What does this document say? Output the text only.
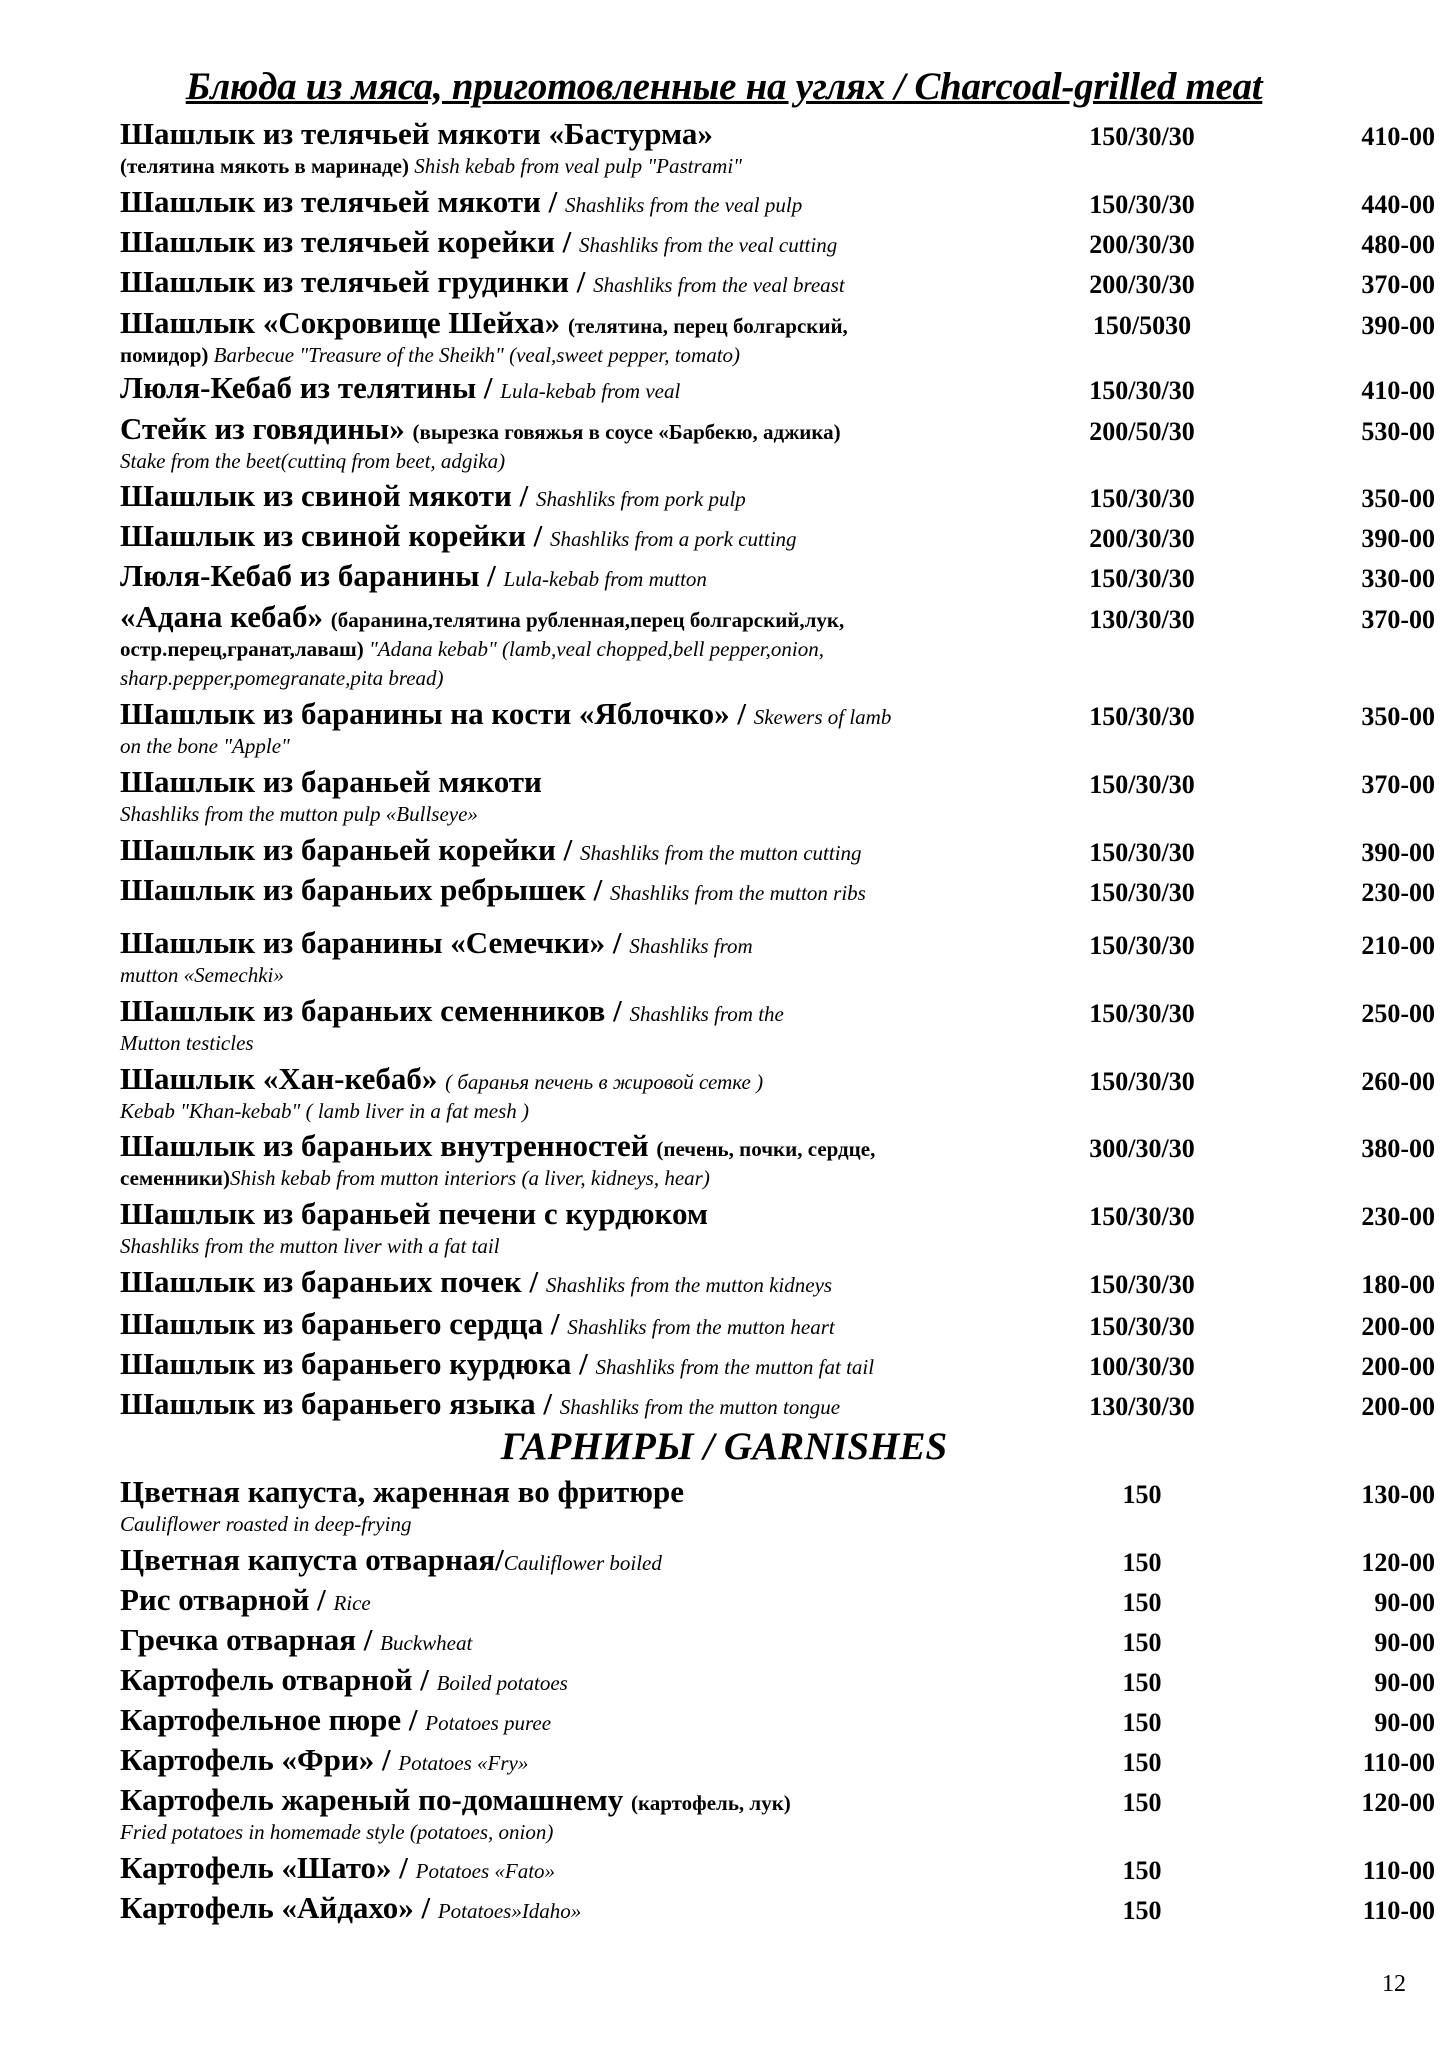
Блюда из мяса, приготовленные на углях / Charcoal-grilled meat
Шашлык из телячьей мякоти «Бастурма»
(телятина мякоть в маринаде) Shish kebab from veal pulp "Pastrami"
150/30/30	410-00
Шашлык из телячьей мякоти / Shashliks from the veal pulp	150/30/30	440-00
Шашлык из телячьей корейки / Shashliks from the veal cutting	200/30/30	480-00
Шашлык из телячьей грудинки / Shashliks from the veal breast	200/30/30	370-00
Шашлык «Сокровище Шейха» (телятина, перец болгарский,
помидор) Barbecue "Treasure of the Sheikh" (veal,sweet pepper, tomato)
150/5030	390-00
Люля-Кебаб из телятины / Lula-kebab from veal	150/30/30	410-00
Стейк из говядины» (вырезка говяжья в соусе «Барбекю, аджика)
Stake from the beet(cuttinq from beet, adgika)
200/50/30	530-00
Шашлык из свиной мякоти / Shashliks from pork pulp	150/30/30	350-00
Шашлык из свиной корейки / Shashliks from a pork cutting	200/30/30	390-00
Люля-Кебаб из баранины / Lula-kebab from mutton	150/30/30	330-00
«Адана кебаб» (баранина,телятина рубленная,перец болгарский,лук,
остр.перец,гранат,лаваш) "Adana kebab" (lamb,veal chopped,bell pepper,onion,
sharp.pepper,pomegranate,pita bread)
130/30/30	370-00
Шашлык из баранины на кости «Яблочко» / Skewers of lamb
on the bone "Apple"
150/30/30	350-00
Шашлык из бараньей мякоти
Shashliks from the mutton pulp «Bullseye»
150/30/30	370-00
Шашлык из бараньей корейки / Shashliks from the mutton cutting	150/30/30	390-00
Шашлык из бараньих ребрышек / Shashliks from the mutton ribs	150/30/30	230-00
Шашлык из баранины «Семечки» / Shashliks from
mutton «Semechki»
150/30/30	210-00
Шашлык из бараньих семенников / Shashliks from the
Mutton testicles
150/30/30	250-00
Шашлык «Хан-кебаб» ( баранья печень в жировой сетке )
Kebab "Khan-kebab" ( lamb liver in a fat mesh )
150/30/30	260-00
Шашлык из бараньих внутренностей (печень, почки, сердце,
семенники)Shish kebab from mutton interiors (a liver, kidneys, hear)
300/30/30	380-00
Шашлык из бараньей печени с курдюком
Shashliks from the mutton liver with a fat tail
150/30/30	230-00
Шашлык из бараньих почек / Shashliks from the mutton kidneys	150/30/30	180-00
Шашлык из бараньего сердца / Shashliks from the mutton heart	150/30/30	200-00
Шашлык из бараньего курдюка / Shashliks from the mutton fat tail	100/30/30	200-00
Шашлык из бараньего языка / Shashliks from the mutton tongue	130/30/30	200-00
ГАРНИРЫ / GARNISHES
Цветная капуста, жаренная во фритюре
Cauliflower roasted in deep-frying
150	130-00
Цветная капуста отварная/Cauliflower boiled	150	120-00
Рис отварной / Rice	150	90-00
Гречка отварная / Buckwheat	150	90-00
Картофель отварной / Boiled potatoes	150	90-00
Картофельное пюре / Potatoes puree	150	90-00
Картофель «Фри» / Potatoes «Fry»	150	110-00
Картофель жареный по-домашнему (картофель, лук)
Fried potatoes in homemade style (potatoes, onion)
150	120-00
Картофель «Шато» / Potatoes «Fato»	150	110-00
Картофель «Айдахо» / Potatoes»Idaho»	150	110-00
12
